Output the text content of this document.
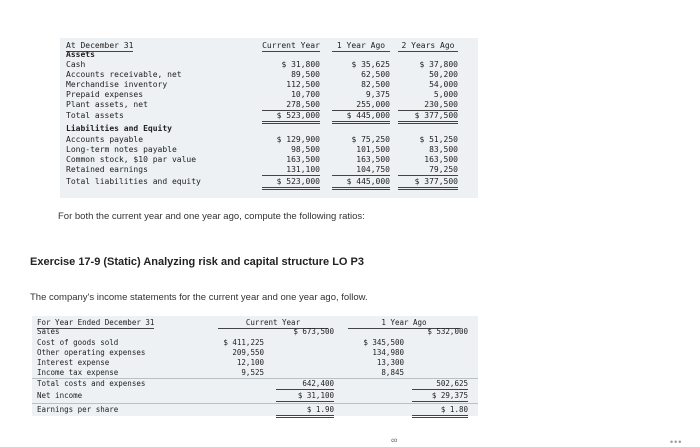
At December 31	Current Year	1 Year Ago	2 Years Ago
Assets
Cash	$ 31,800	$ 35,625	$ 37,800
Accounts receivable, net	89,500	62,500	50,200
Merchandise inventory	112,500	82,500	54,000
Prepaid expenses	10,700	9,375	5,000
Plant assets, net	278,500	255,000	230,500
Total assets	$ 523,000	$ 445,000	$ 377,500
Liabilities and Equity
Accounts payable	$ 129,900	$ 75,250	$ 51,250
Long-term notes payable	98,500	101,500	83,500
Common stock, $10 par value	163,500	163,500	163,500
Retained earnings	131,100	104,750	79,250
Total liabilities and equity	$ 523,000	$ 445,000	$ 377,500
For both the current year and one year ago, compute the following ratios:
Exercise 17-9 (Static) Analyzing risk and capital structure LO P3
The company's income statements for the current year and one year ago, follow.
For Year Ended December 31	Current Year	1 Year Ago
Sales	$ 673,500	$ 532,000
Cost of goods sold	$ 411,225	$ 345,500
Other operating expenses	209,550	134,980
Interest expense	12,100	13,300
Income tax expense	9,525	8,845
Total costs and expenses	642,400	502,625
Net income	$ 31,100	$ 29,375
Earnings per share	$ 1.90	$ 1.80
∞	•••
